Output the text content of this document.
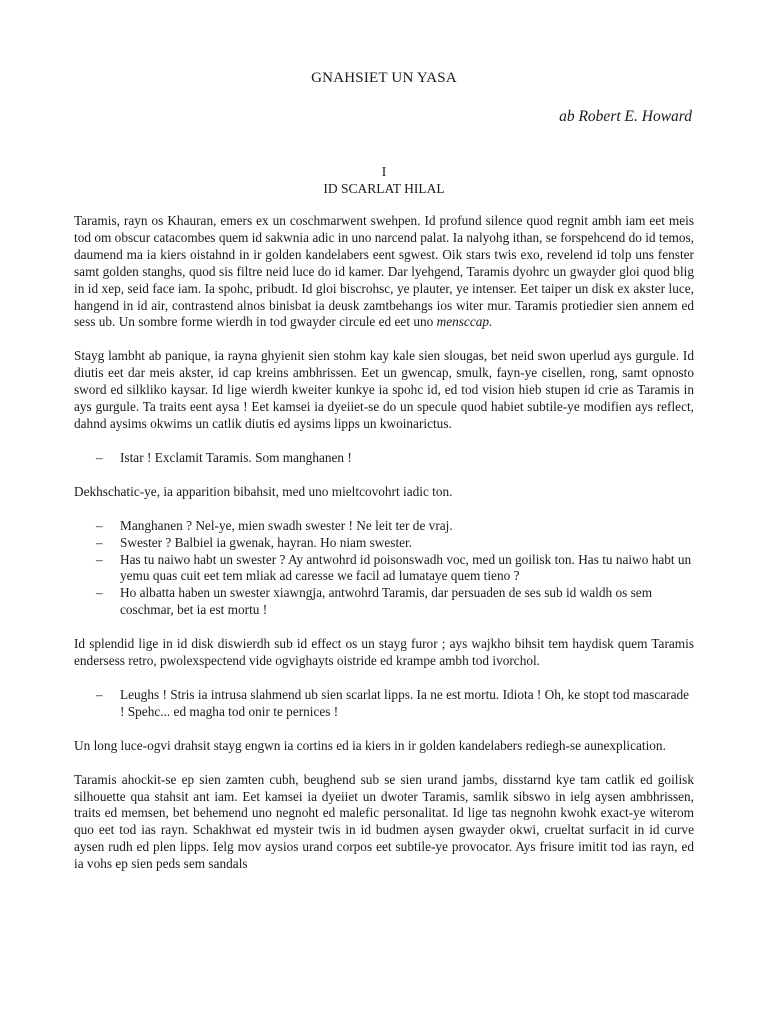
GNAHSIET UN YASA
ab Robert E. Howard
I
ID SCARLAT HILAL

Taramis, rayn os Khauran, emers ex un coschmarwent swehpen. Id profund silence quod regnit ambh iam eet meis tod om obscur catacombes quem id sakwnia adic in uno narcend palat. Ia nalyohg ithan, se forspehcend do id temos, daumend ma ia kiers oistahnd in ir golden kandelabers eent sgwest. Oik stars twis exo, revelend id tolp uns fenster samt golden stanghs, quod sis filtre neid luce do id kamer. Dar lyehgend, Taramis dyohrc un gwayder gloi quod blig in id xep, seid face iam. Ia spohc, pribudt. Id gloi biscrohsc, ye plauter, ye intenser. Eet taiper un disk ex akster luce, hangend in id air, contrastend alnos binisbat ia deusk zamtbehangs ios witer mur. Taramis protiedier sien annem ed sess ub. Un sombre forme wierdh in tod gwayder circule ed eet uno mensccap.

Stayg lambht ab panique, ia rayna ghyienit sien stohm kay kale sien slougas, bet neid swon uperlud ays gurgule. Id diutis eet dar meis akster, id cap kreins ambhrissen. Eet un gwencap, smulk, fayn-ye cisellen, rong, samt opnosto sword ed silkliko kaysar. Id lige wierdh kweiter kunkye ia spohc id, ed tod vision hieb stupen id crie as Taramis in ays gurgule. Ta traits eent aysa ! Eet kamsei ia dyeiiet-se do un specule quod habiet subtile-ye modifien ays reflect, dahnd aysims okwims un catlik diutis ed aysims lipps un kwoinarictus.

– Istar ! Exclamit Taramis. Som manghanen !

Dekhschatic-ye, ia apparition bibahsit, med uno mieltcovohrt iadic ton.

– Manghanen ? Nel-ye, mien swadh swester ! Ne leit ter de vraj.
– Swester ? Balbiel ia gwenak, hayran. Ho niam swester.
– Has tu naiwo habt un swester ? Ay antwohrd id poisonswadh voc, med un goilisk ton. Has tu naiwo habt un yemu quas cuit eet tem mliak ad caresse we facil ad lumataye quem tieno ?
– Ho albatta haben un swester xiawngja, antwohrd Taramis, dar persuaden de ses sub id waldh os sem coschmar, bet ia est mortu !

Id splendid lige in id disk diswierdh sub id effect os un stayg furor ; ays wajkho bihsit tem haydisk quem Taramis endersess retro, pwolexspectend vide ogvighayts oistride ed krampe ambh tod ivorchol.

– Leughs ! Stris ia intrusa slahmend ub sien scarlat lipps. Ia ne est mortu. Idiota ! Oh, ke stopt tod mascarade ! Spehc... ed magha tod onir te pernices !

Un long luce-ogvi drahsit stayg engwn ia cortins ed ia kiers in ir golden kandelabers rediegh-se aunexplication.

Taramis ahockit-se ep sien zamten cubh, beughend sub se sien urand jambs, disstarnd kye tam catlik ed goilisk silhouette qua stahsit ant iam. Eet kamsei ia dyeiiet un dwoter Taramis, samlik sibswo in ielg aysen ambhrissen, traits ed memsen, bet behemend uno negnoht ed malefic personalitat. Id lige tas negnohn kwohk exact-ye witerom quo eet tod ias rayn. Schakhwat ed mysteir twis in id budmen aysen gwayder okwi, crueltat surfacit in id curve aysen rudh ed plen lipps. Ielg mov aysios urand corpos eet subtile-ye provocator. Ays frisure imitit tod ias rayn, ed ia vohs ep sien peds sem sandals
